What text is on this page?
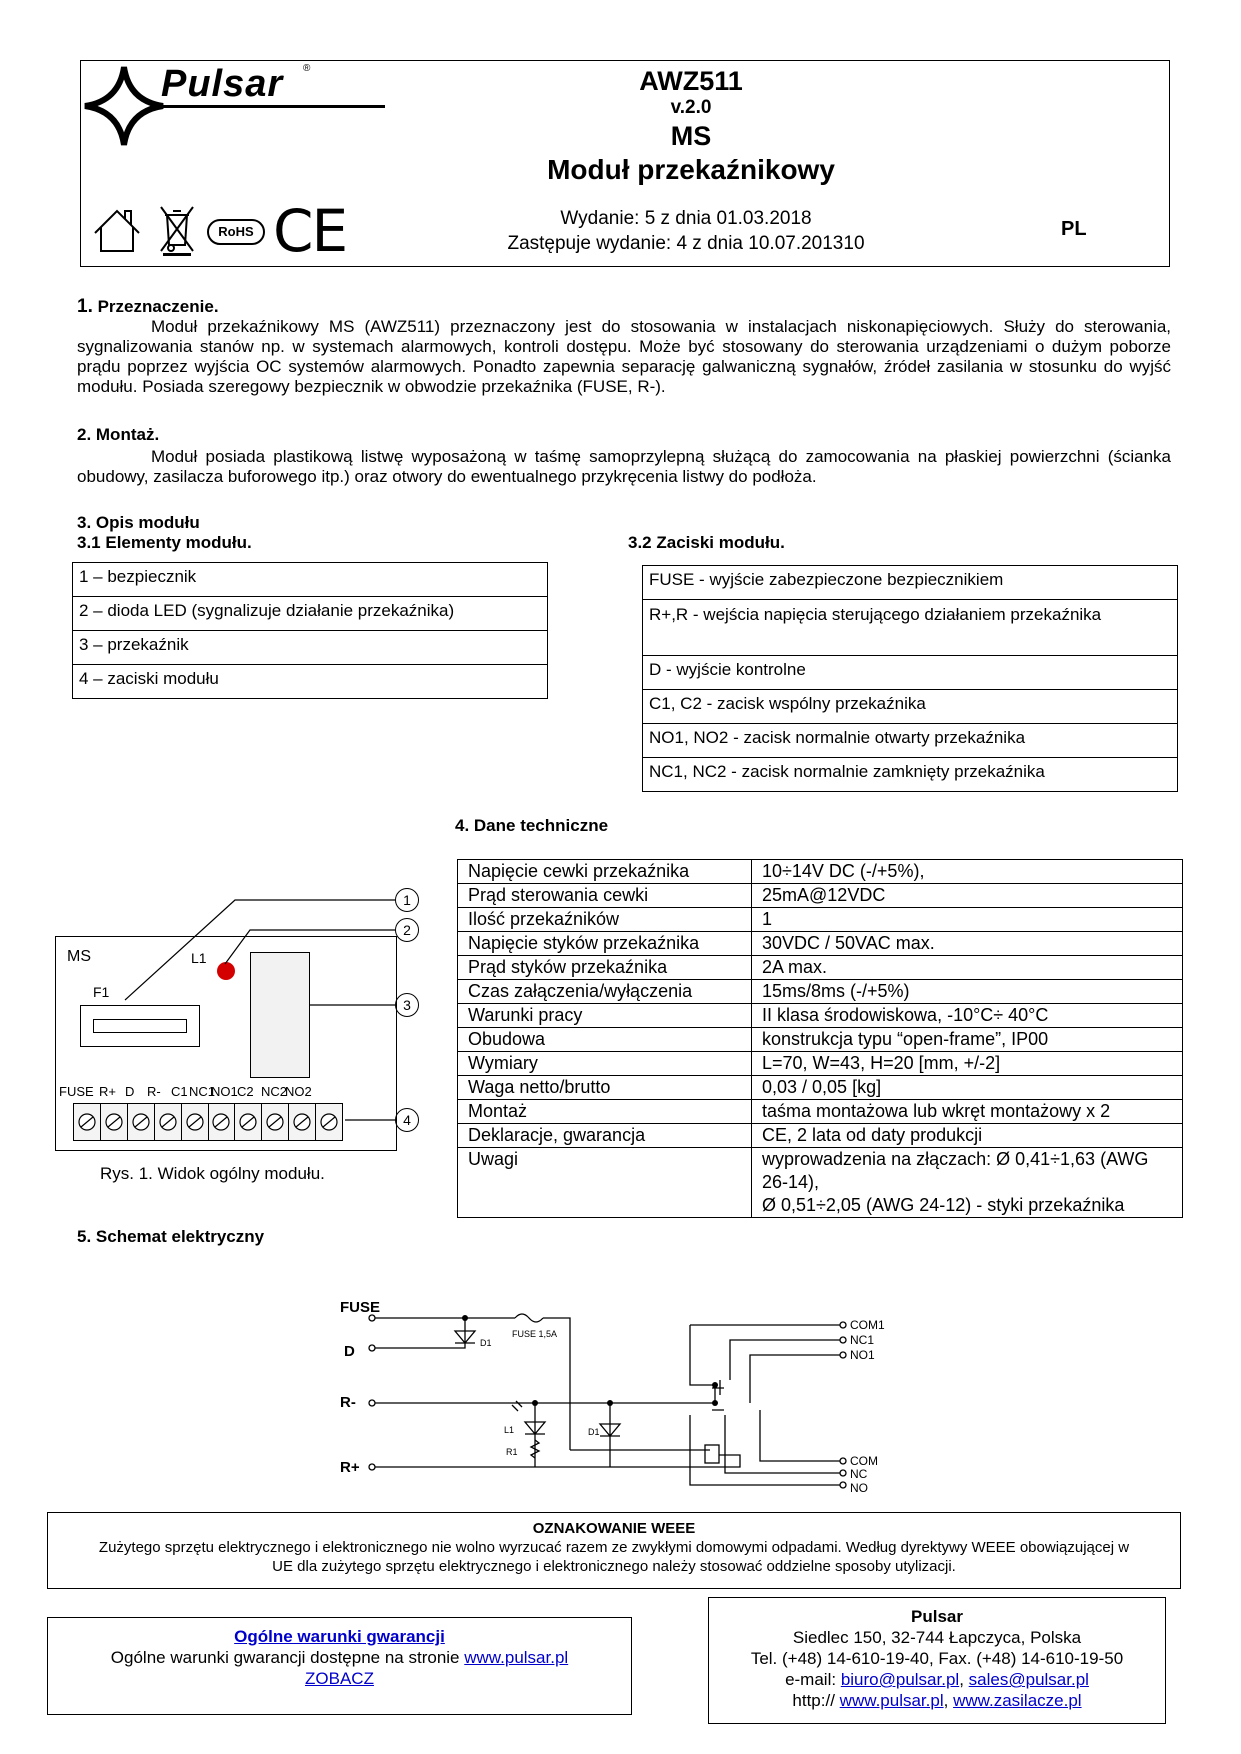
Pulsar ®	AWZ511
v.2.0
MS
Moduł przekaźnikowy
RoHS CE	Wydanie: 5 z dnia 01.03.2018
Zastępuje wydanie: 4 z dnia 10.07.201310
PL
1. Przeznaczenie.
Moduł przekaźnikowy MS (AWZ511) przeznaczony jest do stosowania w instalacjach niskonapięciowych. Służy do sterowania, sygnalizowania stanów np. w systemach alarmowych, kontroli dostępu. Może być stosowany do sterowania urządzeniami o dużym poborze prądu poprzez wyjścia OC systemów alarmowych. Ponadto zapewnia separację galwaniczną sygnałów, źródeł zasilania w stosunku do wyjść modułu. Posiada szeregowy bezpiecznik w obwodzie przekaźnika (FUSE, R-).
2. Montaż.
Moduł posiada plastikową listwę wyposażoną w taśmę samoprzylepną służącą do zamocowania na płaskiej powierzchni (ścianka obudowy, zasilacza buforowego itp.) oraz otwory do ewentualnego przykręcenia listwy do podłoża.
3. Opis modułu
3.1 Elementy modułu.	3.2 Zaciski modułu.
1 – bezpiecznik
2 – dioda LED (sygnalizuje działanie przekaźnika)
3 – przekaźnik
4 – zaciski modułu
FUSE - wyjście zabezpieczone bezpiecznikiem
R+,R - wejścia napięcia sterującego działaniem przekaźnika
D - wyjście kontrolne
C1, C2 - zacisk wspólny przekaźnika
NO1, NO2 - zacisk normalnie otwarty przekaźnika
NC1, NC2 - zacisk normalnie zamknięty przekaźnika
4. Dane techniczne
Napięcie cewki przekaźnika	10÷14V DC (-/+5%),
Prąd sterowania cewki	25mA@12VDC
Ilość przekaźników	1
Napięcie styków przekaźnika	30VDC / 50VAC max.
Prąd styków przekaźnika	2A max.
Czas załączenia/wyłączenia	15ms/8ms (-/+5%)
Warunki pracy	II klasa środowiskowa, -10°C÷ 40°C
Obudowa	konstrukcja typu “open-frame”, IP00
Wymiary	L=70, W=43, H=20 [mm, +/-2]
Waga netto/brutto	0,03 / 0,05 [kg]
Montaż	taśma montażowa lub wkręt montażowy x 2
Deklaracje, gwarancja	CE, 2 lata od daty produkcji
Uwagi	wyprowadzenia na złączach: Ø 0,41÷1,63 (AWG 26-14),
Ø 0,51÷2,05 (AWG 24-12) - styki przekaźnika
MS	L1
F1
1
2
3
4
FUSE R+ D R- C1 NC1
NO1 C2 NC2
NO2
Rys. 1. Widok ogólny modułu.
5. Schemat elektryczny
FUSE
D
R-
R+
FUSE 1,5A
D1
L1
R1
D1
COM1
NC1
NO1
COM
NC
NO
OZNAKOWANIE WEEE
Zużytego sprzętu elektrycznego i elektronicznego nie wolno wyrzucać razem ze zwykłymi domowymi odpadami. Według dyrektywy WEEE obowiązującej w UE dla zużytego sprzętu elektrycznego i elektronicznego należy stosować oddzielne sposoby utylizacji.
Ogólne warunki gwarancji
Ogólne warunki gwarancji dostępne na stronie www.pulsar.pl
ZOBACZ
Pulsar
Siedlec 150, 32-744 Łapczyca, Polska
Tel. (+48) 14-610-19-40, Fax. (+48) 14-610-19-50
e-mail: biuro@pulsar.pl, sales@pulsar.pl
http:// www.pulsar.pl, www.zasilacze.pl
